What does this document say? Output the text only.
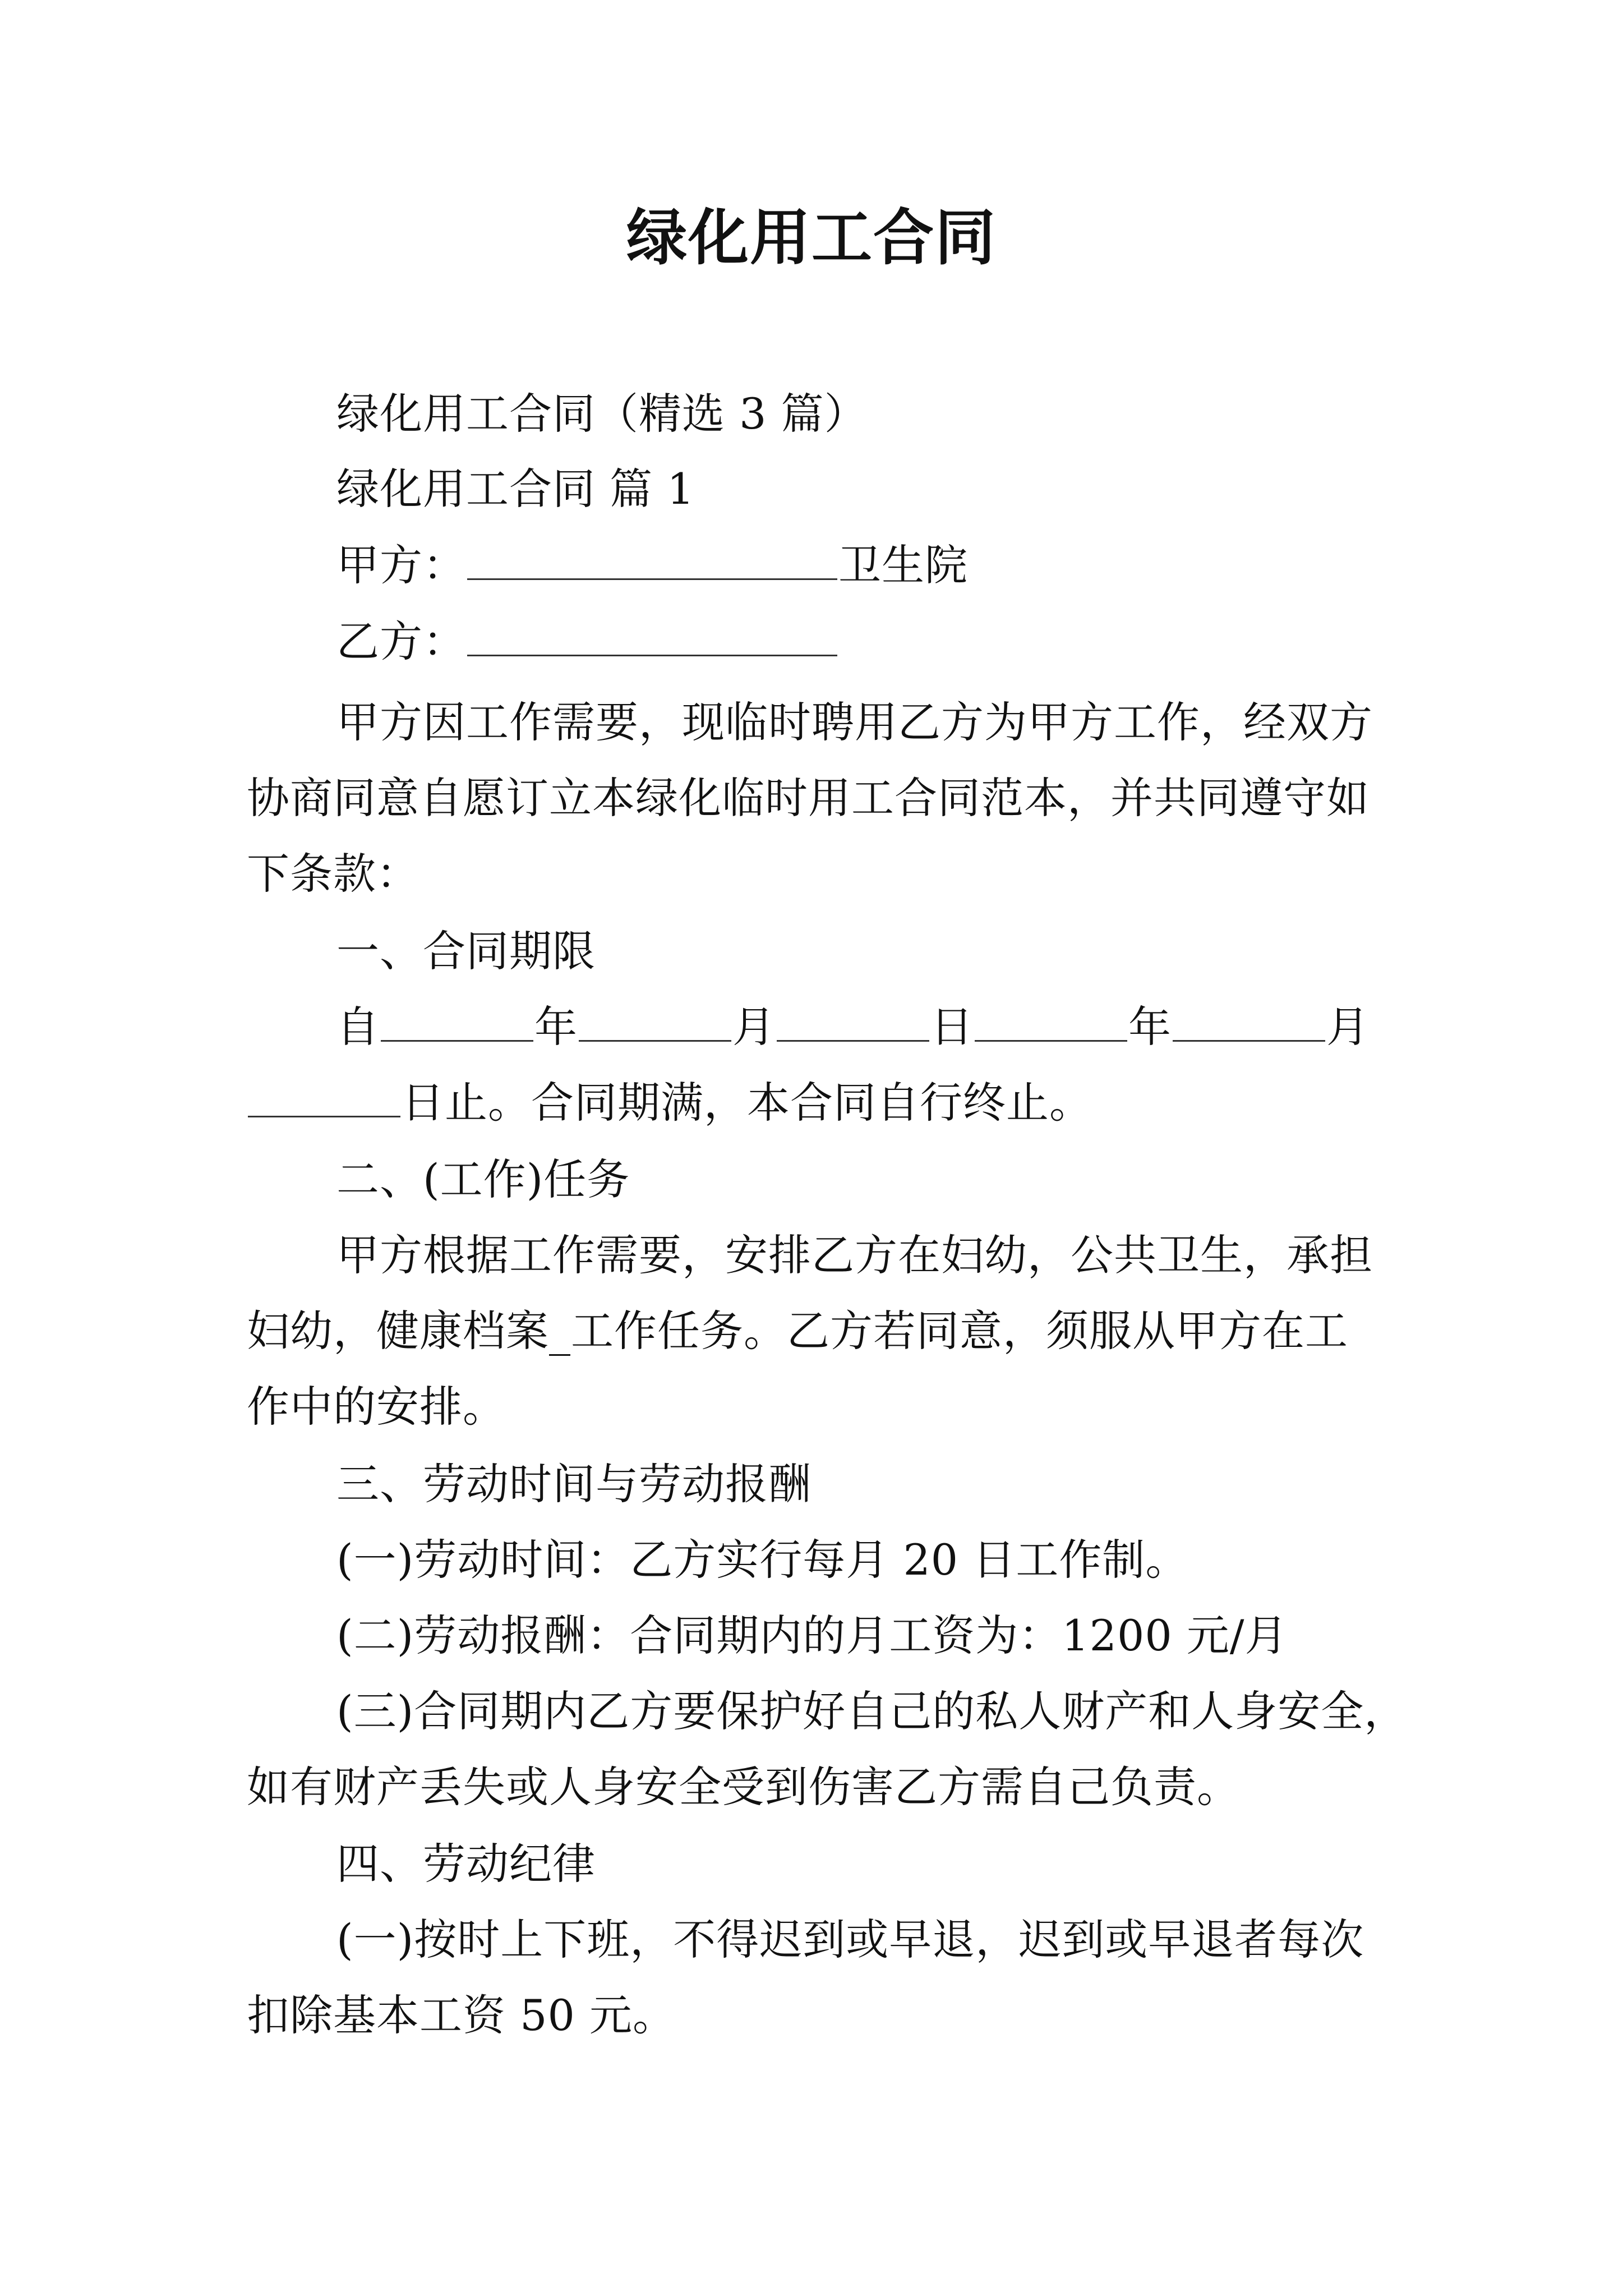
绿化用工合同
绿化用工合同（精选 3 篇）
绿化用工合同 篇 1
甲方：	卫生院
乙方：
甲方因工作需要，现临时聘用乙方为甲方工作，经双方
协商同意自愿订立本绿化临时用工合同范本，并共同遵守如
下条款：
一、合同期限
自	年	月	日	年	月
日止。合同期满，本合同自行终止。
二、(工作)任务
甲方根据工作需要，安排乙方在妇幼，公共卫生，承担
妇幼，健康档案_工作任务。乙方若同意，须服从甲方在工
作中的安排。
三、劳动时间与劳动报酬
(一)劳动时间：乙方实行每月 20 日工作制。
(二)劳动报酬：合同期内的月工资为：1200 元/月
(三)合同期内乙方要保护好自己的私人财产和人身安全，
如有财产丢失或人身安全受到伤害乙方需自己负责。
四、劳动纪律
(一)按时上下班，不得迟到或早退，迟到或早退者每次
扣除基本工资 50 元。
